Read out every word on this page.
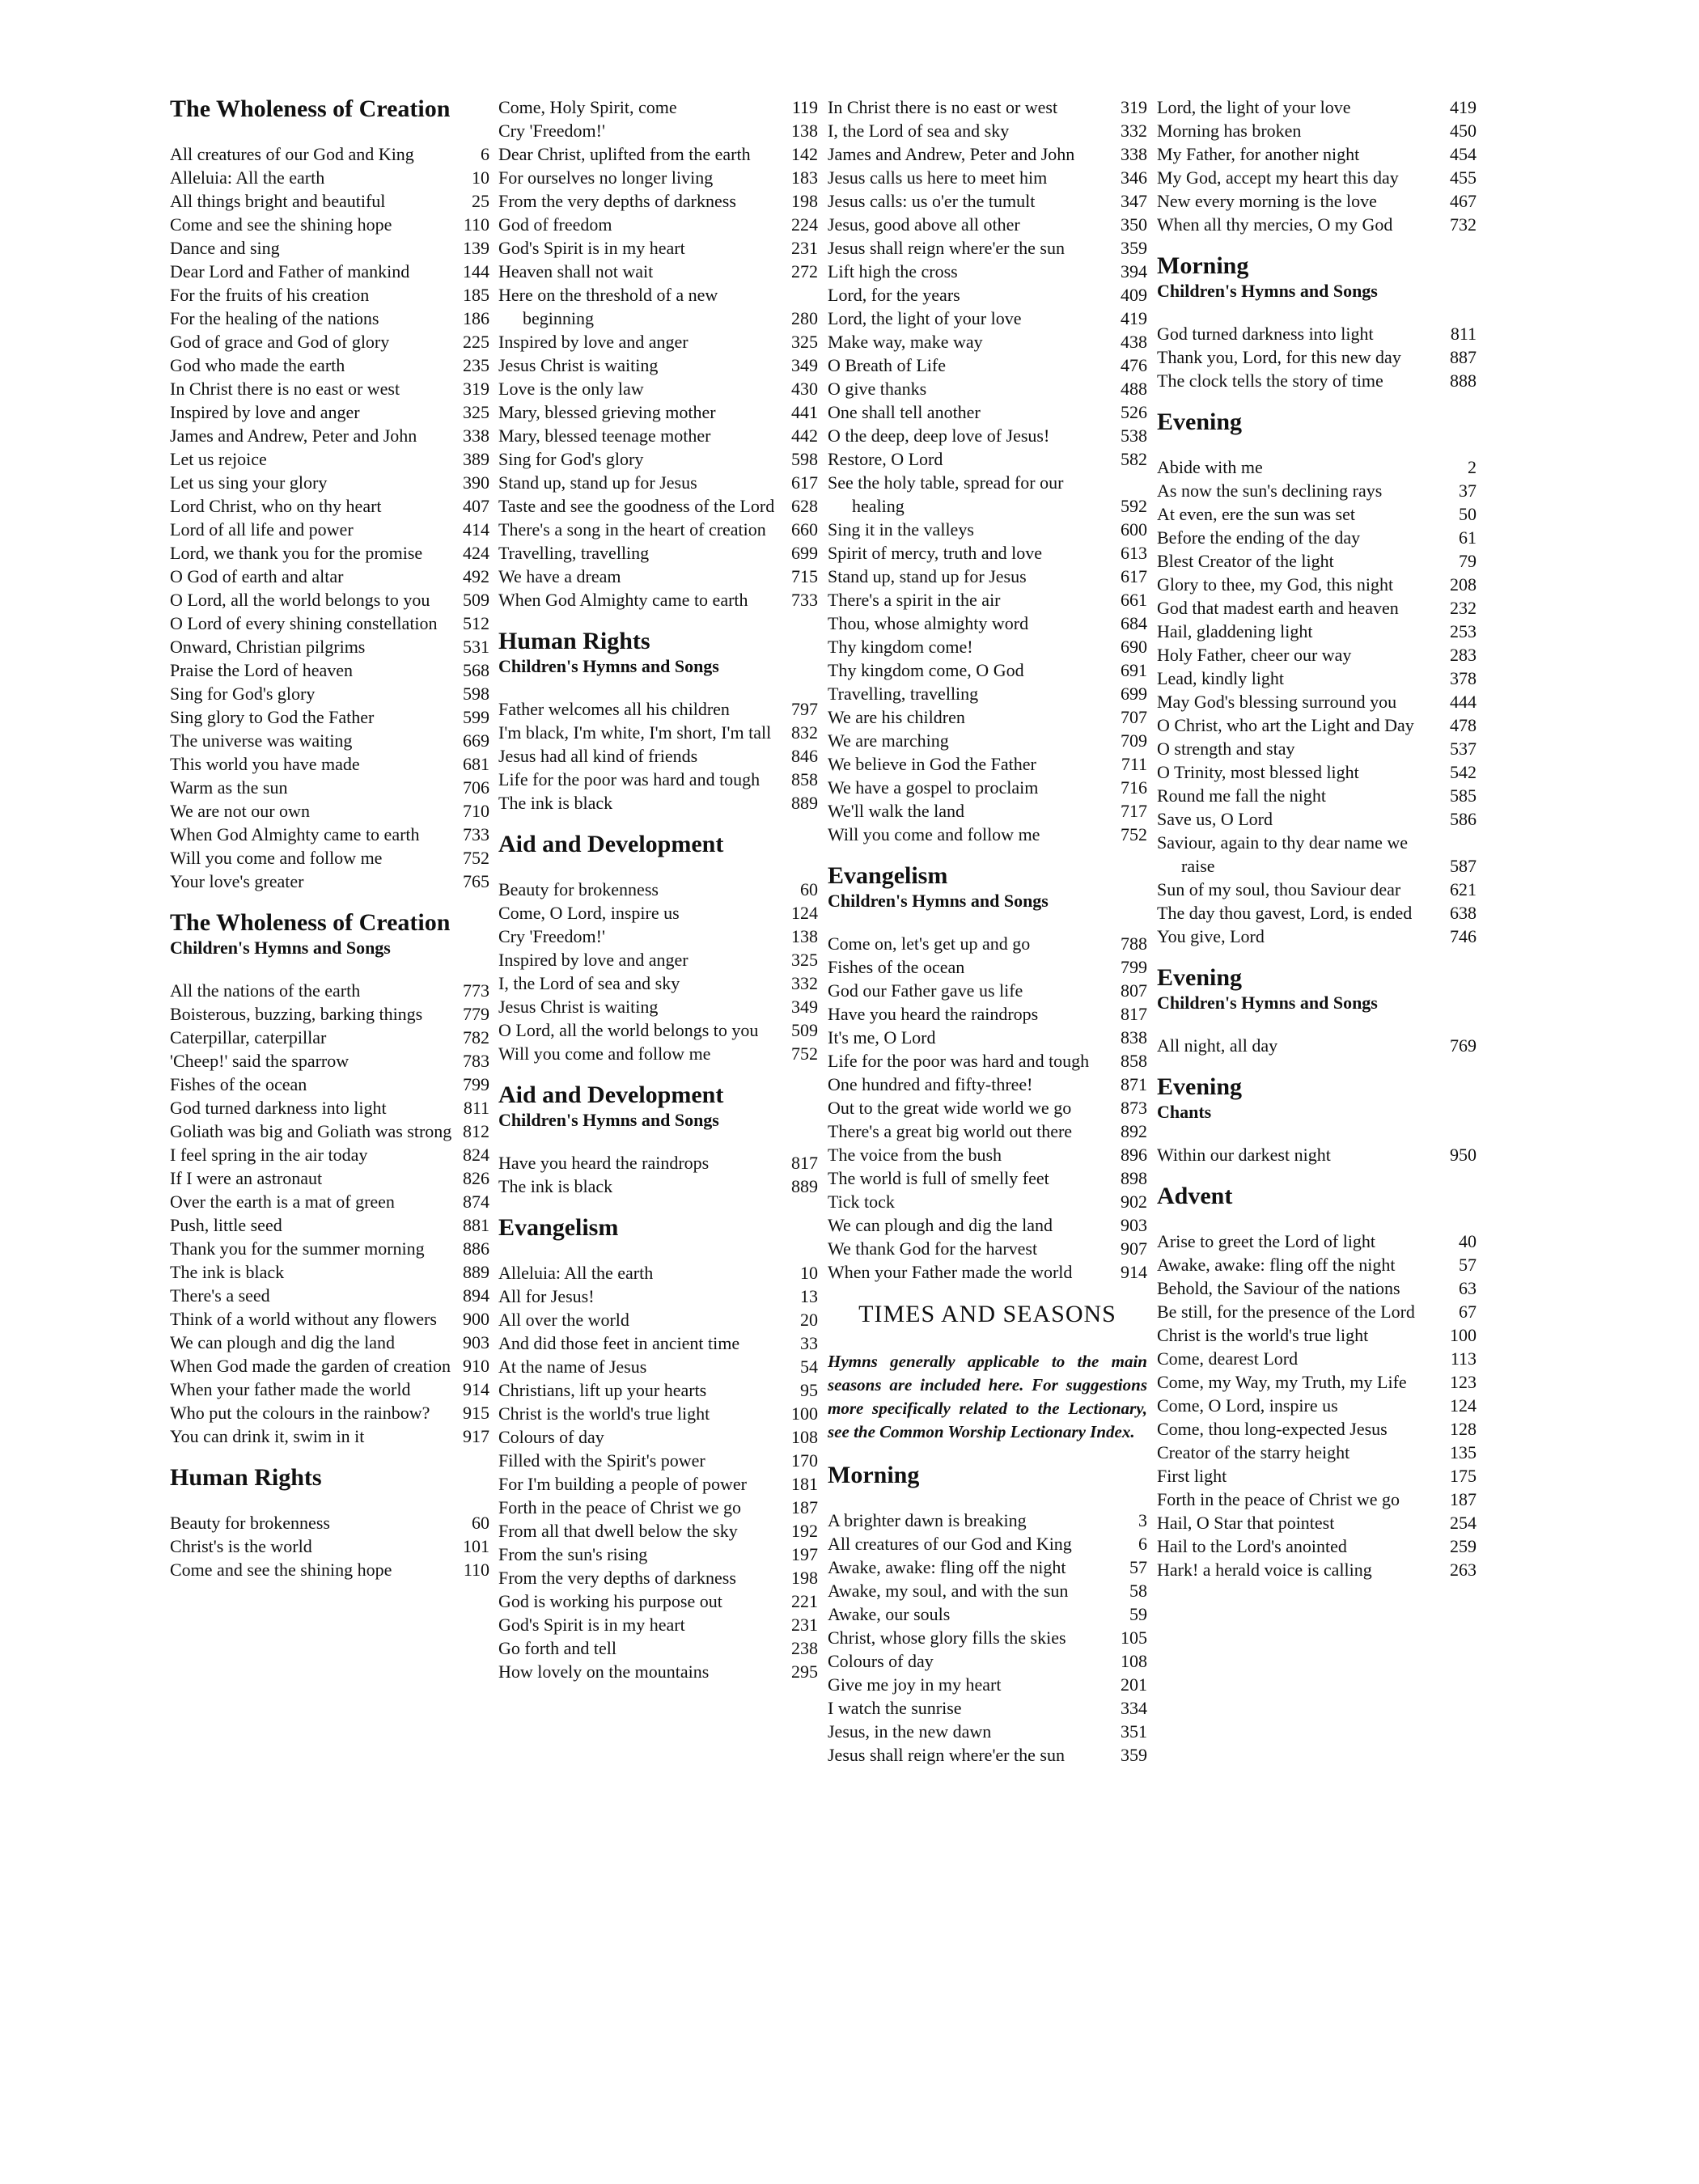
The Wholeness of Creation
All creatures of our God and King	6
Alleluia: All the earth	10
All things bright and beautiful	25
Come and see the shining hope	110
Dance and sing	139
Dear Lord and Father of mankind	144
For the fruits of his creation	185
For the healing of the nations	186
God of grace and God of glory	225
God who made the earth	235
In Christ there is no east or west	319
Inspired by love and anger	325
James and Andrew, Peter and John	338
Let us rejoice	389
Let us sing your glory	390
Lord Christ, who on thy heart	407
Lord of all life and power	414
Lord, we thank you for the promise	424
O God of earth and altar	492
O Lord, all the world belongs to you	509
O Lord of every shining constellation	512
Onward, Christian pilgrims	531
Praise the Lord of heaven	568
Sing for God's glory	598
Sing glory to God the Father	599
The universe was waiting	669
This world you have made	681
Warm as the sun	706
We are not our own	710
When God Almighty came to earth	733
Will you come and follow me	752
Your love's greater	765
The Wholeness of Creation
Children's Hymns and Songs
All the nations of the earth	773
Boisterous, buzzing, barking things	779
Caterpillar, caterpillar	782
'Cheep!' said the sparrow	783
Fishes of the ocean	799
God turned darkness into light	811
Goliath was big and Goliath was strong 812
I feel spring in the air today	824
If I were an astronaut	826
Over the earth is a mat of green	874
Push, little seed	881
Thank you for the summer morning	886
The ink is black	889
There's a seed	894
Think of a world without any flowers	900
We can plough and dig the land	903
When God made the garden of creation 910
When your father made the world	914
Who put the colours in the rainbow?	915
You can drink it, swim in it	917
Human Rights
Beauty for brokenness	60
Christ's is the world	101
Come and see the shining hope	110
Come, Holy Spirit, come	119
Cry 'Freedom!'	138
Dear Christ, uplifted from the earth	142
For ourselves no longer living	183
From the very depths of darkness	198
God of freedom	224
God's Spirit is in my heart	231
Heaven shall not wait	272
Here on the threshold of a new beginning	280
Inspired by love and anger	325
Jesus Christ is waiting	349
Love is the only law	430
Mary, blessed grieving mother	441
Mary, blessed teenage mother	442
Sing for God's glory	598
Stand up, stand up for Jesus	617
Taste and see the goodness of the Lord 628
There's a song in the heart of creation	660
Travelling, travelling	699
We have a dream	715
When God Almighty came to earth	733
Human Rights
Children's Hymns and Songs
Father welcomes all his children	797
I'm black, I'm white, I'm short, I'm tall	832
Jesus had all kind of friends	846
Life for the poor was hard and tough	858
The ink is black	889
Aid and Development
Beauty for brokenness	60
Come, O Lord, inspire us	124
Cry 'Freedom!'	138
Inspired by love and anger	325
I, the Lord of sea and sky	332
Jesus Christ is waiting	349
O Lord, all the world belongs to you	509
Will you come and follow me	752
Aid and Development
Children's Hymns and Songs
Have you heard the raindrops	817
The ink is black	889
Evangelism
Alleluia: All the earth	10
All for Jesus!	13
All over the world	20
And did those feet in ancient time	33
At the name of Jesus	54
Christians, lift up your hearts	95
Christ is the world's true light	100
Colours of day	108
Filled with the Spirit's power	170
For I'm building a people of power	181
Forth in the peace of Christ we go	187
From all that dwell below the sky	192
From the sun's rising	197
From the very depths of darkness	198
God is working his purpose out	221
God's Spirit is in my heart	231
Go forth and tell	238
How lovely on the mountains	295
In Christ there is no east or west	319
I, the Lord of sea and sky	332
James and Andrew, Peter and John	338
Jesus calls us here to meet him	346
Jesus calls: us o'er the tumult	347
Jesus, good above all other	350
Jesus shall reign where'er the sun	359
Lift high the cross	394
Lord, for the years	409
Lord, the light of your love	419
Make way, make way	438
O Breath of Life	476
O give thanks	488
One shall tell another	526
O the deep, deep love of Jesus!	538
Restore, O Lord	582
See the holy table, spread for our healing	592
Sing it in the valleys	600
Spirit of mercy, truth and love	613
Stand up, stand up for Jesus	617
There's a spirit in the air	661
Thou, whose almighty word	684
Thy kingdom come!	690
Thy kingdom come, O God	691
Travelling, travelling	699
We are his children	707
We are marching	709
We believe in God the Father	711
We have a gospel to proclaim	716
We'll walk the land	717
Will you come and follow me	752
Evangelism
Children's Hymns and Songs
Come on, let's get up and go	788
Fishes of the ocean	799
God our Father gave us life	807
Have you heard the raindrops	817
It's me, O Lord	838
Life for the poor was hard and tough	858
One hundred and fifty-three!	871
Out to the great wide world we go	873
There's a great big world out there	892
The voice from the bush	896
The world is full of smelly feet	898
Tick tock	902
We can plough and dig the land	903
We thank God for the harvest	907
When your Father made the world	914
TIMES AND SEASONS

Hymns generally applicable to the main seasons are included here. For suggestions more specifically related to the Lectionary, see the Common Worship Lectionary Index.

Morning
A brighter dawn is breaking	3
All creatures of our God and King	6
Awake, awake: fling off the night	57
Awake, my soul, and with the sun	58
Awake, our souls	59
Christ, whose glory fills the skies	105
Colours of day	108
Give me joy in my heart	201
I watch the sunrise	334
Jesus, in the new dawn	351
Jesus shall reign where'er the sun	359
Lord, the light of your love	419
Morning has broken	450
My Father, for another night	454
My God, accept my heart this day	455
New every morning is the love	467
When all thy mercies, O my God	732
Morning
Children's Hymns and Songs
God turned darkness into light	811
Thank you, Lord, for this new day	887
The clock tells the story of time	888
Evening
Abide with me	2
As now the sun's declining rays	37
At even, ere the sun was set	50
Before the ending of the day	61
Blest Creator of the light	79
Glory to thee, my God, this night	208
God that madest earth and heaven	232
Hail, gladdening light	253
Holy Father, cheer our way	283
Lead, kindly light	378
May God's blessing surround you	444
O Christ, who art the Light and Day	478
O strength and stay	537
O Trinity, most blessed light	542
Round me fall the night	585
Save us, O Lord	586
Saviour, again to thy dear name we raise	587
Sun of my soul, thou Saviour dear	621
The day thou gavest, Lord, is ended	638
You give, Lord	746
Evening
Children's Hymns and Songs
All night, all day	769
Evening
Chants
Within our darkest night	950
Advent
Arise to greet the Lord of light	40
Awake, awake: fling off the night	57
Behold, the Saviour of the nations	63
Be still, for the presence of the Lord	67
Christ is the world's true light	100
Come, dearest Lord	113
Come, my Way, my Truth, my Life	123
Come, O Lord, inspire us	124
Come, thou long-expected Jesus	128
Creator of the starry height	135
First light	175
Forth in the peace of Christ we go	187
Hail, O Star that pointest	254
Hail to the Lord's anointed	259
Hark! a herald voice is calling	263
